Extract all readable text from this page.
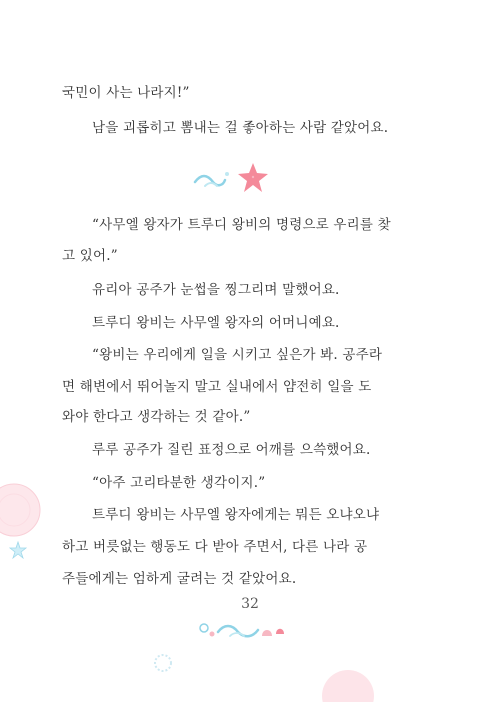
국민이 사는 나라지!”
남을 괴롭히고 뽐내는 걸 좋아하는 사람 같았어요.
“사무엘 왕자가 트루디 왕비의 명령으로 우리를 찾
고 있어.”
유리아 공주가 눈썹을 찡그리며 말했어요.
트루디 왕비는 사무엘 왕자의 어머니예요.
“왕비는 우리에게 일을 시키고 싶은가 봐. 공주라
면 해변에서 뛰어놀지 말고 실내에서 얌전히 일을 도
와야 한다고 생각하는 것 같아.”
루루 공주가 질린 표정으로 어깨를 으쓱했어요.
“아주 고리타분한 생각이지.”
트루디 왕비는 사무엘 왕자에게는 뭐든 오냐오냐
하고 버릇없는 행동도 다 받아 주면서, 다른 나라 공
주들에게는 엄하게 굴려는 것 같았어요.
32
